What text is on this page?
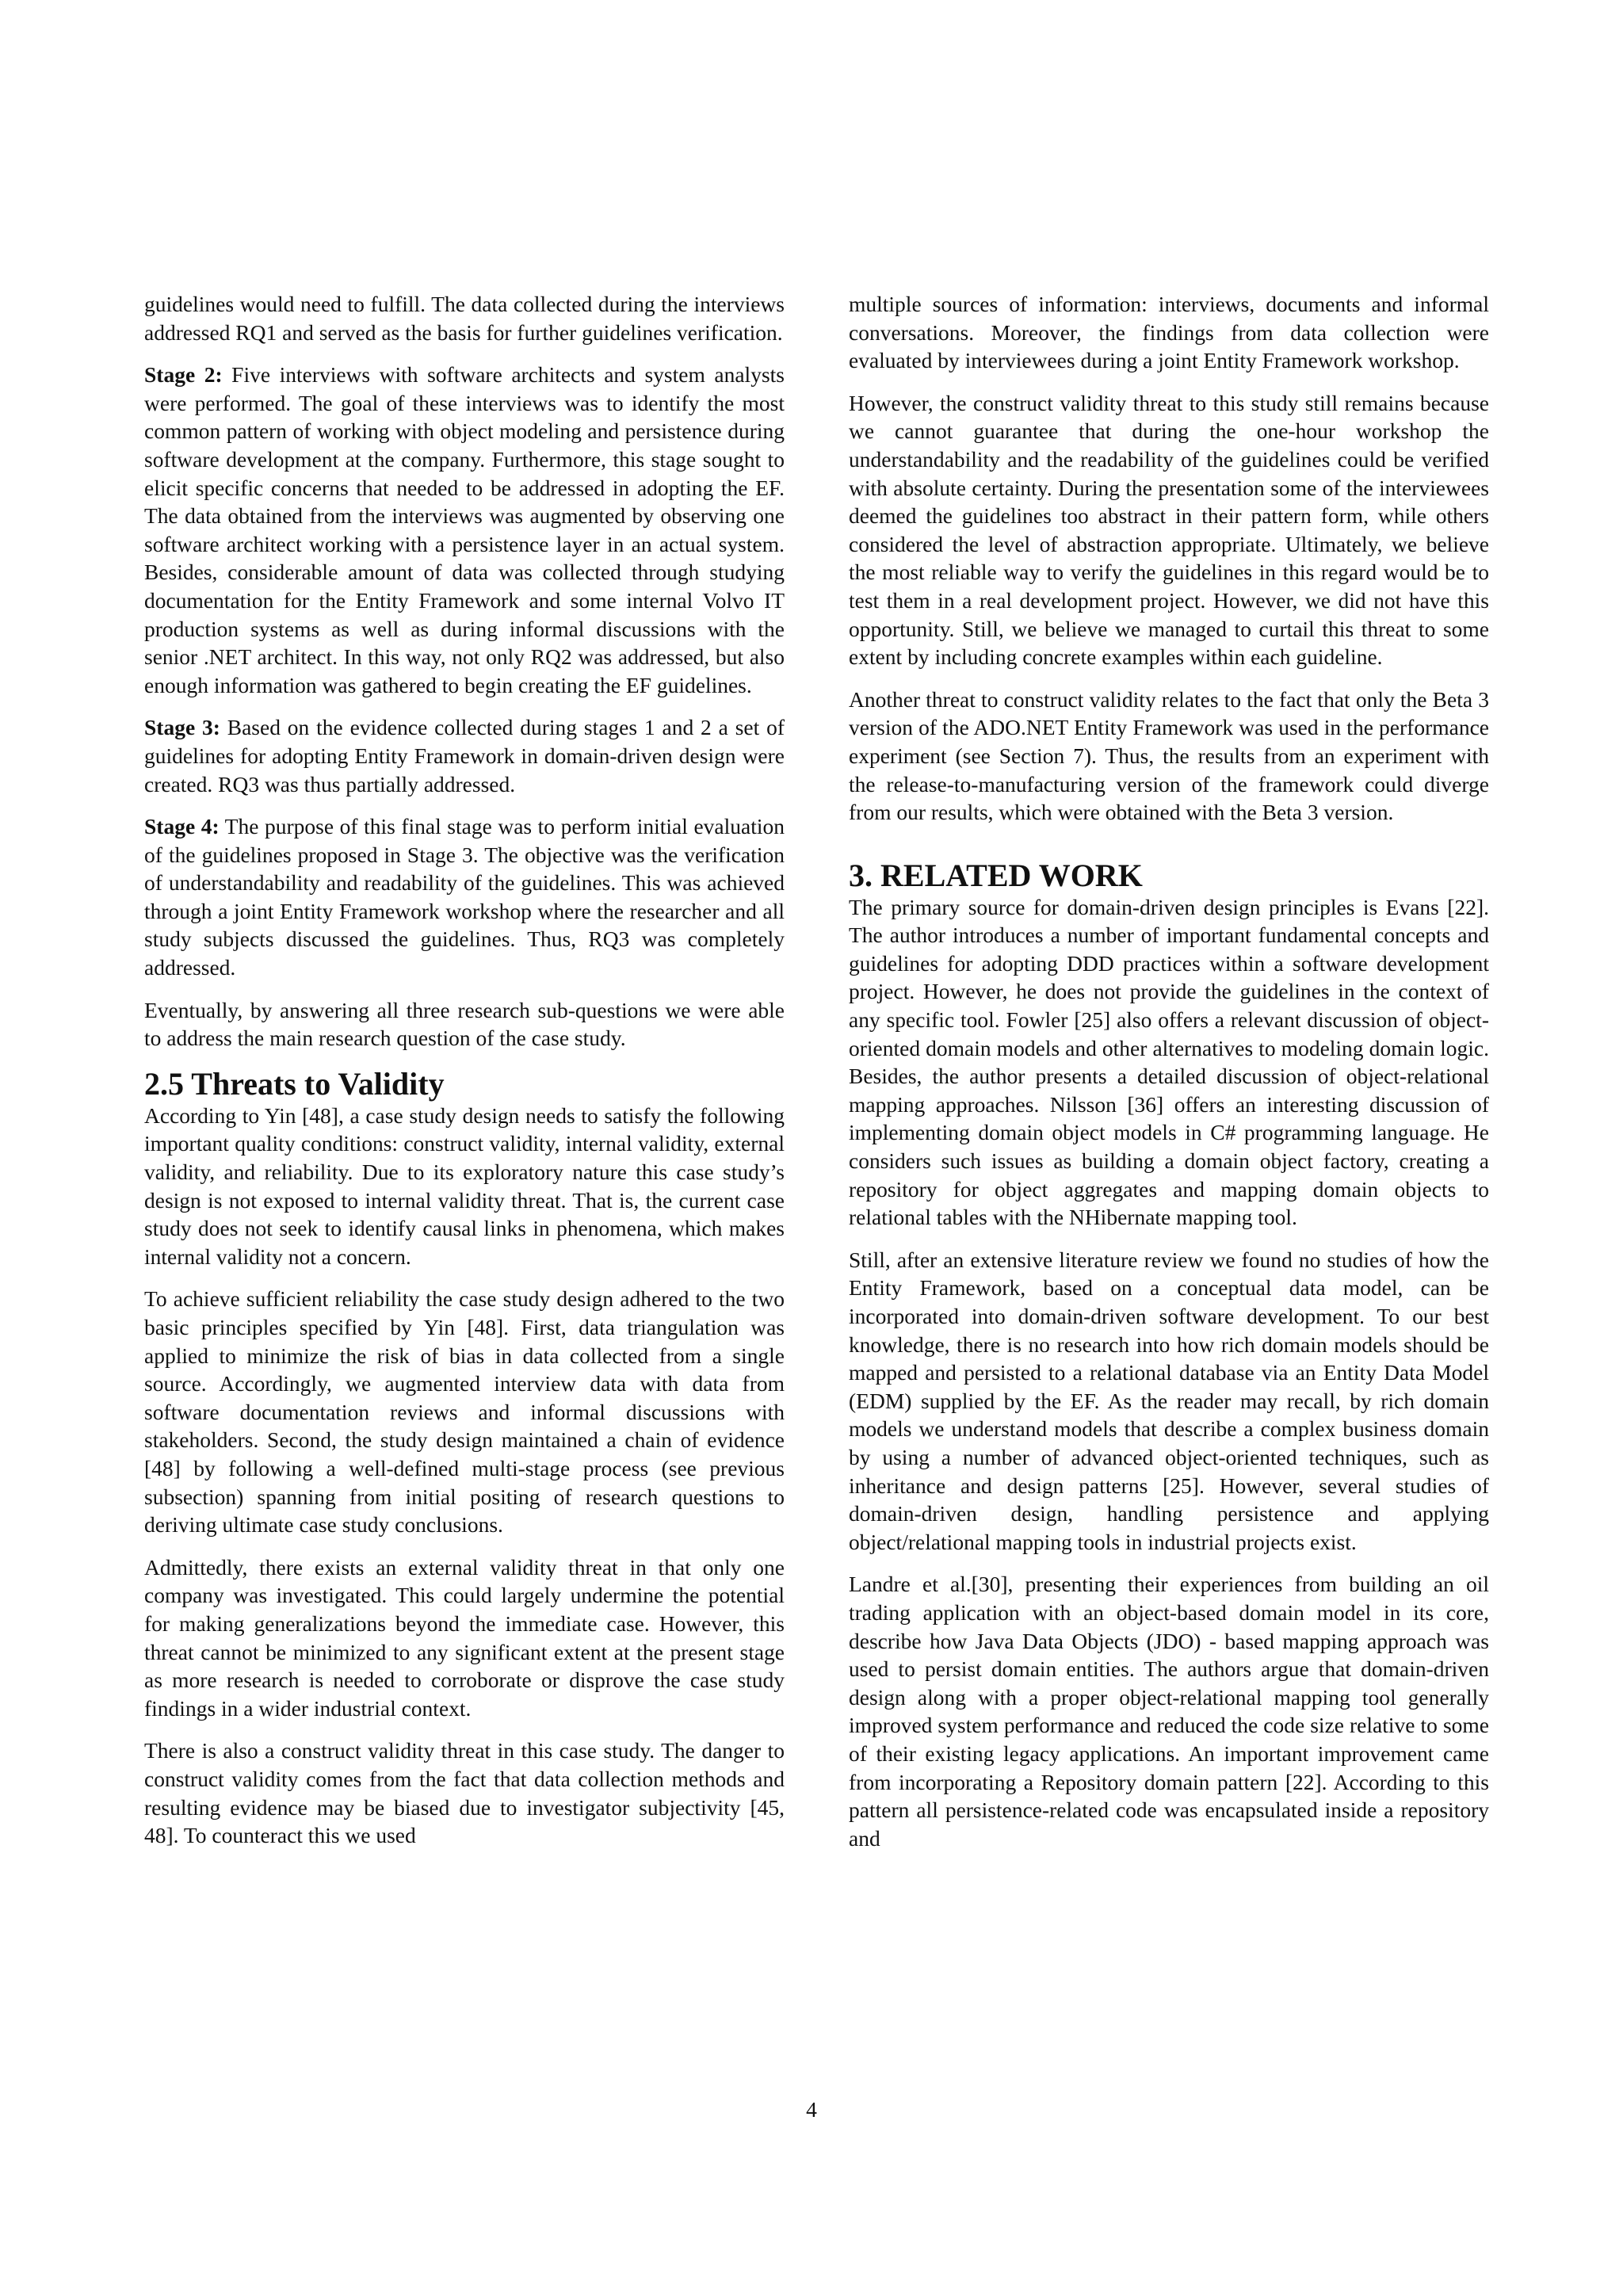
guidelines would need to fulfill. The data collected during the interviews addressed RQ1 and served as the basis for further guidelines verification.

Stage 2: Five interviews with software architects and system analysts were performed. The goal of these interviews was to identify the most common pattern of working with object modeling and persistence during software development at the company. Furthermore, this stage sought to elicit specific concerns that needed to be addressed in adopting the EF. The data obtained from the interviews was augmented by observing one software architect working with a persistence layer in an actual system. Besides, considerable amount of data was collected through studying documentation for the Entity Framework and some internal Volvo IT production systems as well as during informal discussions with the senior .NET architect. In this way, not only RQ2 was addressed, but also enough information was gathered to begin creating the EF guidelines.

Stage 3: Based on the evidence collected during stages 1 and 2 a set of guidelines for adopting Entity Framework in domain-driven design were created. RQ3 was thus partially addressed.

Stage 4: The purpose of this final stage was to perform initial evaluation of the guidelines proposed in Stage 3. The objective was the verification of understandability and readability of the guidelines. This was achieved through a joint Entity Framework workshop where the researcher and all study subjects discussed the guidelines. Thus, RQ3 was completely addressed.

Eventually, by answering all three research sub-questions we were able to address the main research question of the case study.

2.5 Threats to Validity

According to Yin [48], a case study design needs to satisfy the following important quality conditions: construct validity, internal validity, external validity, and reliability. Due to its exploratory nature this case study’s design is not exposed to internal validity threat. That is, the current case study does not seek to identify causal links in phenomena, which makes internal validity not a concern.

To achieve sufficient reliability the case study design adhered to the two basic principles specified by Yin [48]. First, data triangulation was applied to minimize the risk of bias in data collected from a single source. Accordingly, we augmented interview data with data from software documentation reviews and informal discussions with stakeholders. Second, the study design maintained a chain of evidence [48] by following a well-defined multi-stage process (see previous subsection) spanning from initial positing of research questions to deriving ultimate case study conclusions.

Admittedly, there exists an external validity threat in that only one company was investigated. This could largely undermine the potential for making generalizations beyond the immediate case. However, this threat cannot be minimized to any significant extent at the present stage as more research is needed to corroborate or disprove the case study findings in a wider industrial context.

There is also a construct validity threat in this case study. The danger to construct validity comes from the fact that data collection methods and resulting evidence may be biased due to investigator subjectivity [45, 48]. To counteract this we used

multiple sources of information: interviews, documents and informal conversations. Moreover, the findings from data collection were evaluated by interviewees during a joint Entity Framework workshop.

However, the construct validity threat to this study still remains because we cannot guarantee that during the one-hour workshop the understandability and the readability of the guidelines could be verified with absolute certainty. During the presentation some of the interviewees deemed the guidelines too abstract in their pattern form, while others considered the level of abstraction appropriate. Ultimately, we believe the most reliable way to verify the guidelines in this regard would be to test them in a real development project. However, we did not have this opportunity. Still, we believe we managed to curtail this threat to some extent by including concrete examples within each guideline.

Another threat to construct validity relates to the fact that only the Beta 3 version of the ADO.NET Entity Framework was used in the performance experiment (see Section 7). Thus, the results from an experiment with the release-to-manufacturing version of the framework could diverge from our results, which were obtained with the Beta 3 version.

3. RELATED WORK

The primary source for domain-driven design principles is Evans [22]. The author introduces a number of important fundamental concepts and guidelines for adopting DDD practices within a software development project. However, he does not provide the guidelines in the context of any specific tool. Fowler [25] also offers a relevant discussion of object-oriented domain models and other alternatives to modeling domain logic. Besides, the author presents a detailed discussion of object-relational mapping approaches. Nilsson [36] offers an interesting discussion of implementing domain object models in C# programming language. He considers such issues as building a domain object factory, creating a repository for object aggregates and mapping domain objects to relational tables with the NHibernate mapping tool.

Still, after an extensive literature review we found no studies of how the Entity Framework, based on a conceptual data model, can be incorporated into domain-driven software development. To our best knowledge, there is no research into how rich domain models should be mapped and persisted to a relational database via an Entity Data Model (EDM) supplied by the EF. As the reader may recall, by rich domain models we understand models that describe a complex business domain by using a number of advanced object-oriented techniques, such as inheritance and design patterns [25]. However, several studies of domain-driven design, handling persistence and applying object/relational mapping tools in industrial projects exist.

Landre et al.[30], presenting their experiences from building an oil trading application with an object-based domain model in its core, describe how Java Data Objects (JDO) - based mapping approach was used to persist domain entities. The authors argue that domain-driven design along with a proper object-relational mapping tool generally improved system performance and reduced the code size relative to some of their existing legacy applications. An important improvement came from incorporating a Repository domain pattern [22]. According to this pattern all persistence-related code was encapsulated inside a repository and

4
